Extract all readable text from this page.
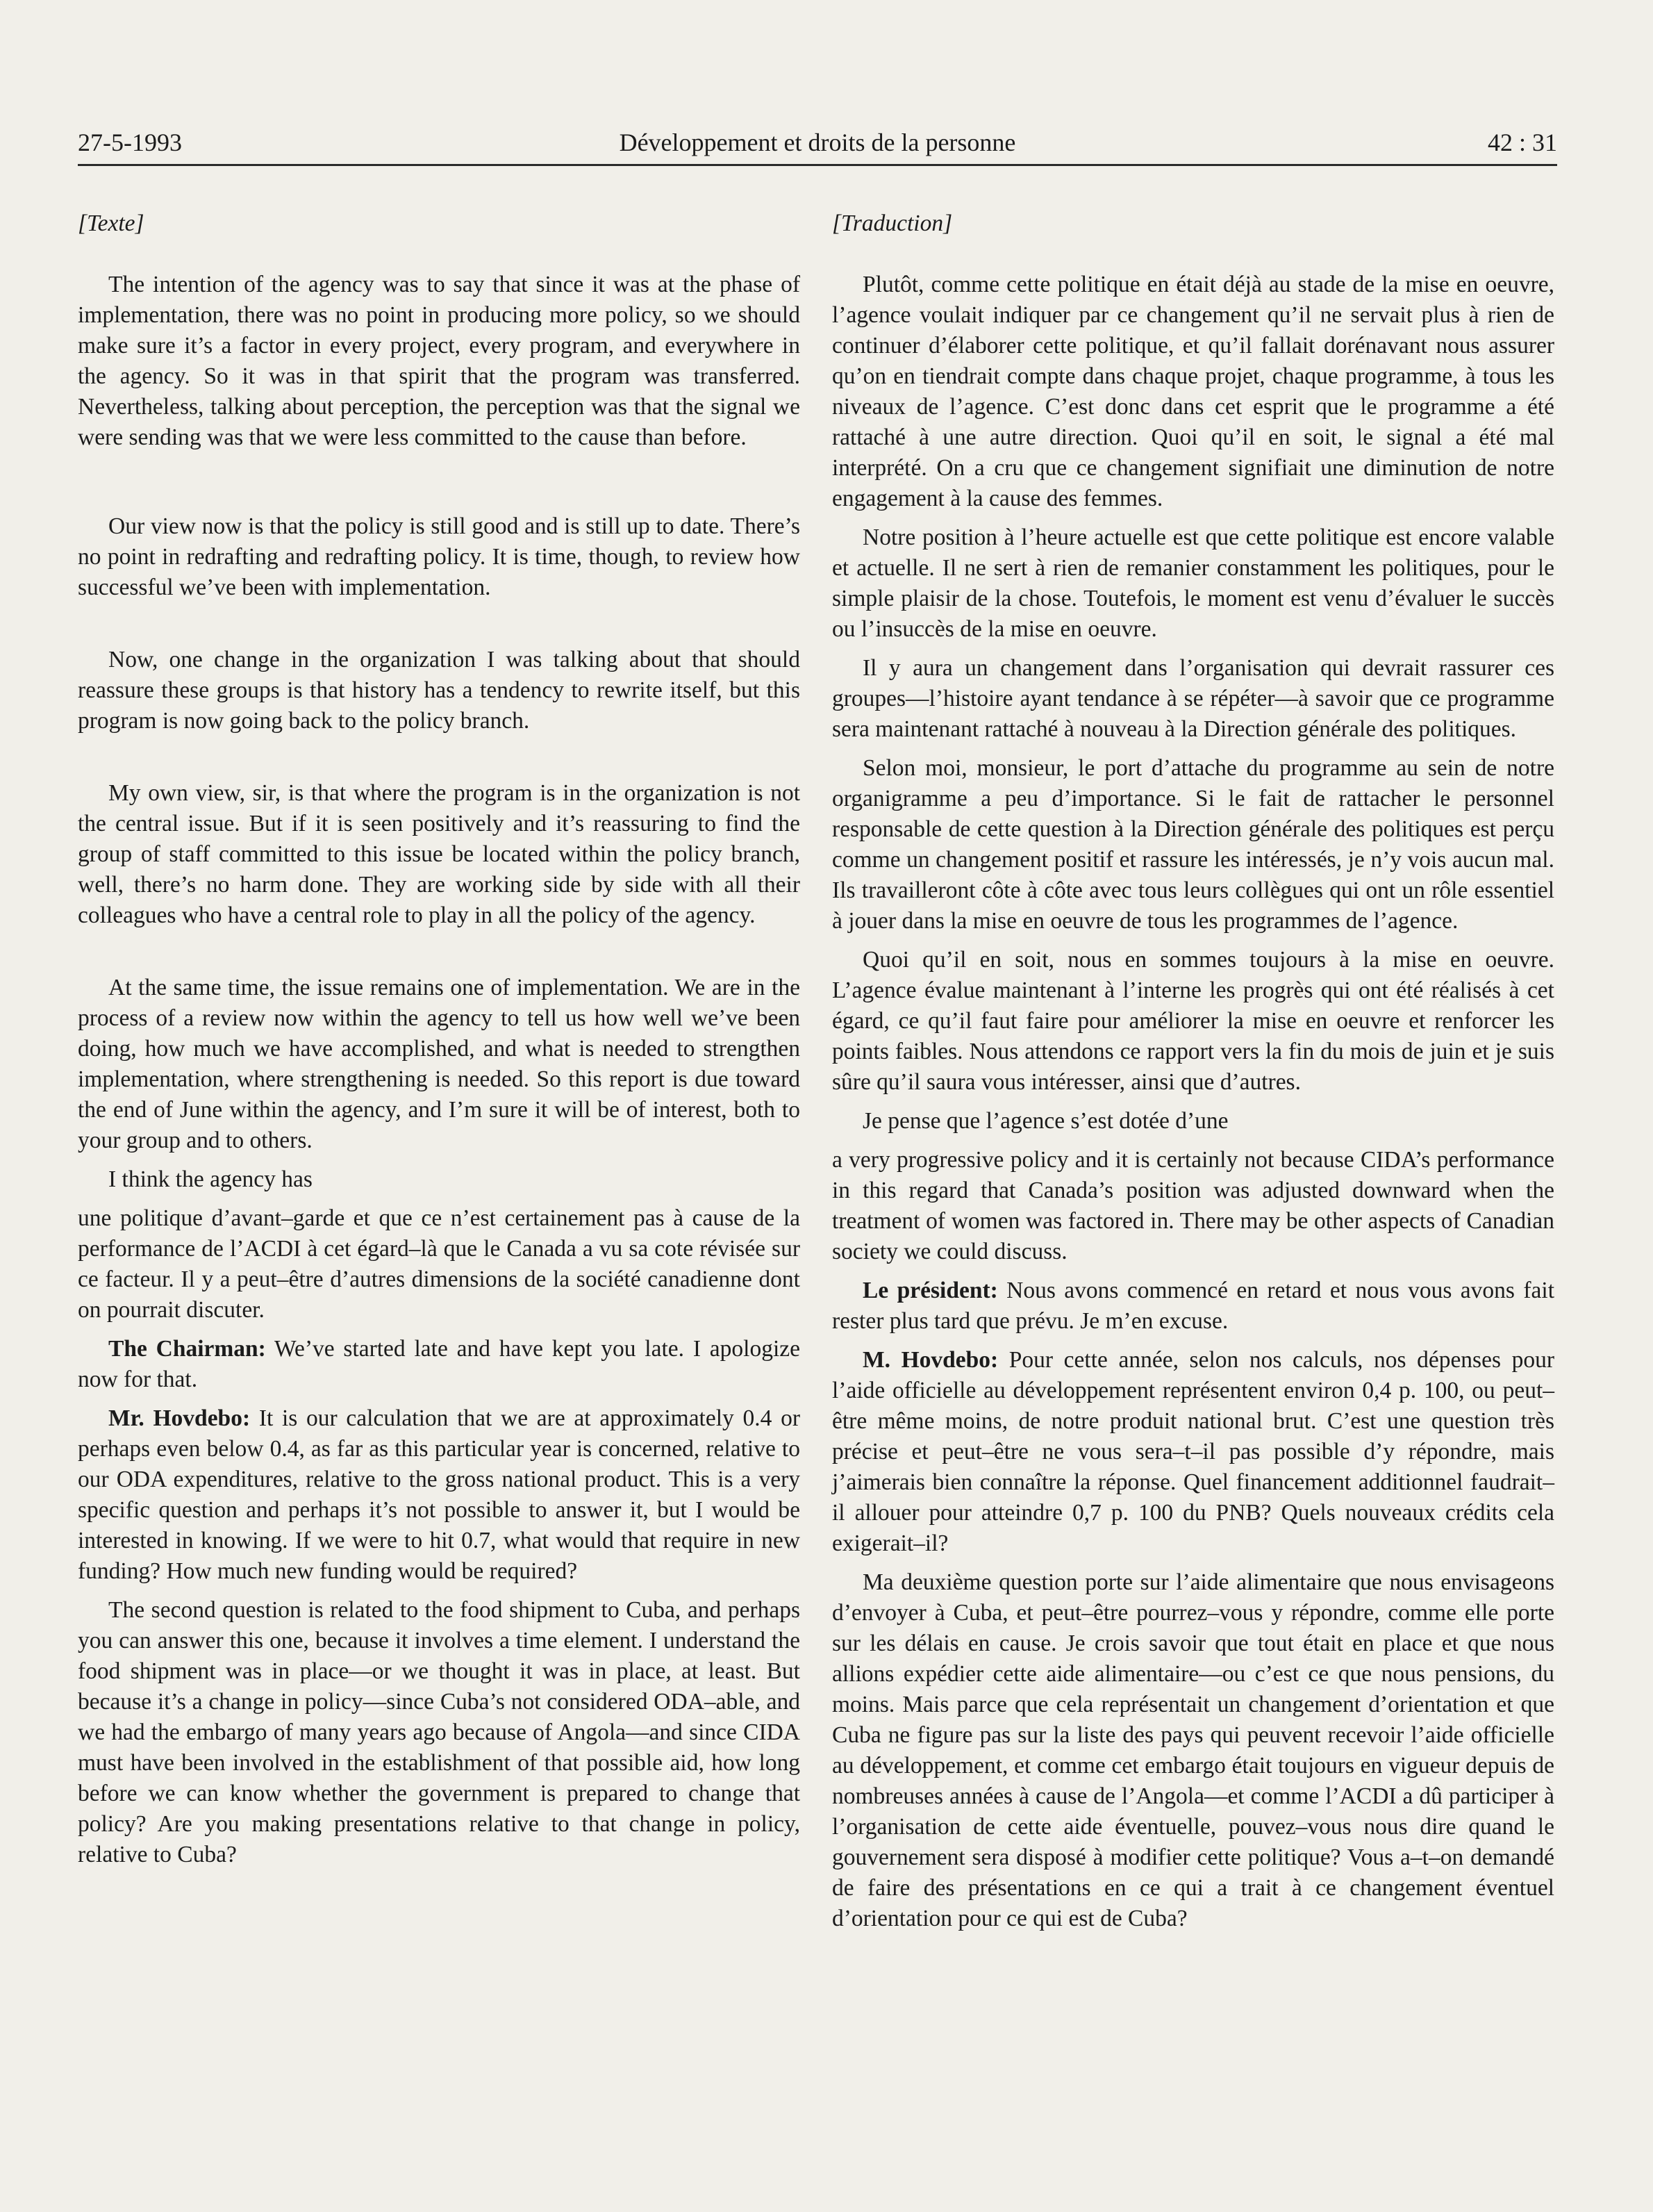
27-5-1993	Développement et droits de la personne	42 : 31

[Texte]

The intention of the agency was to say that since it was at the phase of implementation, there was no point in producing more policy, so we should make sure it’s a factor in every project, every program, and everywhere in the agency. So it was in that spirit that the program was transferred. Nevertheless, talking about perception, the perception was that the signal we were sending was that we were less committed to the cause than before.

Our view now is that the policy is still good and is still up to date. There’s no point in redrafting and redrafting policy. It is time, though, to review how successful we’ve been with implementation.

Now, one change in the organization I was talking about that should reassure these groups is that history has a tendency to rewrite itself, but this program is now going back to the policy branch.

My own view, sir, is that where the program is in the organization is not the central issue. But if it is seen positively and it’s reassuring to find the group of staff committed to this issue be located within the policy branch, well, there’s no harm done. They are working side by side with all their colleagues who have a central role to play in all the policy of the agency.

At the same time, the issue remains one of implementation. We are in the process of a review now within the agency to tell us how well we’ve been doing, how much we have accomplished, and what is needed to strengthen implementation, where strengthening is needed. So this report is due toward the end of June within the agency, and I’m sure it will be of interest, both to your group and to others.

I think the agency has

une politique d’avant–garde et que ce n’est certainement pas à cause de la performance de l’ACDI à cet égard–là que le Canada a vu sa cote révisée sur ce facteur. Il y a peut–être d’autres dimensions de la société canadienne dont on pourrait discuter.

The Chairman: We’ve started late and have kept you late. I apologize now for that.

Mr. Hovdebo: It is our calculation that we are at approximately 0.4 or perhaps even below 0.4, as far as this particular year is concerned, relative to our ODA expenditures, relative to the gross national product. This is a very specific question and perhaps it’s not possible to answer it, but I would be interested in knowing. If we were to hit 0.7, what would that require in new funding? How much new funding would be required?

The second question is related to the food shipment to Cuba, and perhaps you can answer this one, because it involves a time element. I understand the food shipment was in place—or we thought it was in place, at least. But because it’s a change in policy—since Cuba’s not considered ODA–able, and we had the embargo of many years ago because of Angola—and since CIDA must have been involved in the establishment of that possible aid, how long before we can know whether the government is prepared to change that policy? Are you making presentations relative to that change in policy, relative to Cuba?

[Traduction]

Plutôt, comme cette politique en était déjà au stade de la mise en oeuvre, l’agence voulait indiquer par ce changement qu’il ne servait plus à rien de continuer d’élaborer cette politique, et qu’il fallait dorénavant nous assurer qu’on en tiendrait compte dans chaque projet, chaque programme, à tous les niveaux de l’agence. C’est donc dans cet esprit que le programme a été rattaché à une autre direction. Quoi qu’il en soit, le signal a été mal interprété. On a cru que ce changement signifiait une diminution de notre engagement à la cause des femmes.

Notre position à l’heure actuelle est que cette politique est encore valable et actuelle. Il ne sert à rien de remanier constamment les politiques, pour le simple plaisir de la chose. Toutefois, le moment est venu d’évaluer le succès ou l’insuccès de la mise en oeuvre.

Il y aura un changement dans l’organisation qui devrait rassurer ces groupes—l’histoire ayant tendance à se répéter—à savoir que ce programme sera maintenant rattaché à nouveau à la Direction générale des politiques.

Selon moi, monsieur, le port d’attache du programme au sein de notre organigramme a peu d’importance. Si le fait de rattacher le personnel responsable de cette question à la Direction générale des politiques est perçu comme un changement positif et rassure les intéressés, je n’y vois aucun mal. Ils travailleront côte à côte avec tous leurs collègues qui ont un rôle essentiel à jouer dans la mise en oeuvre de tous les programmes de l’agence.

Quoi qu’il en soit, nous en sommes toujours à la mise en oeuvre. L’agence évalue maintenant à l’interne les progrès qui ont été réalisés à cet égard, ce qu’il faut faire pour améliorer la mise en oeuvre et renforcer les points faibles. Nous attendons ce rapport vers la fin du mois de juin et je suis sûre qu’il saura vous intéresser, ainsi que d’autres.

Je pense que l’agence s’est dotée d’une

a very progressive policy and it is certainly not because CIDA’s performance in this regard that Canada’s position was adjusted downward when the treatment of women was factored in. There may be other aspects of Canadian society we could discuss.

Le président: Nous avons commencé en retard et nous vous avons fait rester plus tard que prévu. Je m’en excuse.

M. Hovdebo: Pour cette année, selon nos calculs, nos dépenses pour l’aide officielle au développement représentent environ 0,4 p. 100, ou peut–être même moins, de notre produit national brut. C’est une question très précise et peut–être ne vous sera–t–il pas possible d’y répondre, mais j’aimerais bien connaître la réponse. Quel financement additionnel faudrait–il allouer pour atteindre 0,7 p. 100 du PNB? Quels nouveaux crédits cela exigerait–il?

Ma deuxième question porte sur l’aide alimentaire que nous envisageons d’envoyer à Cuba, et peut–être pourrez–vous y répondre, comme elle porte sur les délais en cause. Je crois savoir que tout était en place et que nous allions expédier cette aide alimentaire—ou c’est ce que nous pensions, du moins. Mais parce que cela représentait un changement d’orientation et que Cuba ne figure pas sur la liste des pays qui peuvent recevoir l’aide officielle au développement, et comme cet embargo était toujours en vigueur depuis de nombreuses années à cause de l’Angola—et comme l’ACDI a dû participer à l’organisation de cette aide éventuelle, pouvez–vous nous dire quand le gouvernement sera disposé à modifier cette politique? Vous a–t–on demandé de faire des présentations en ce qui a trait à ce changement éventuel d’orientation pour ce qui est de Cuba?
